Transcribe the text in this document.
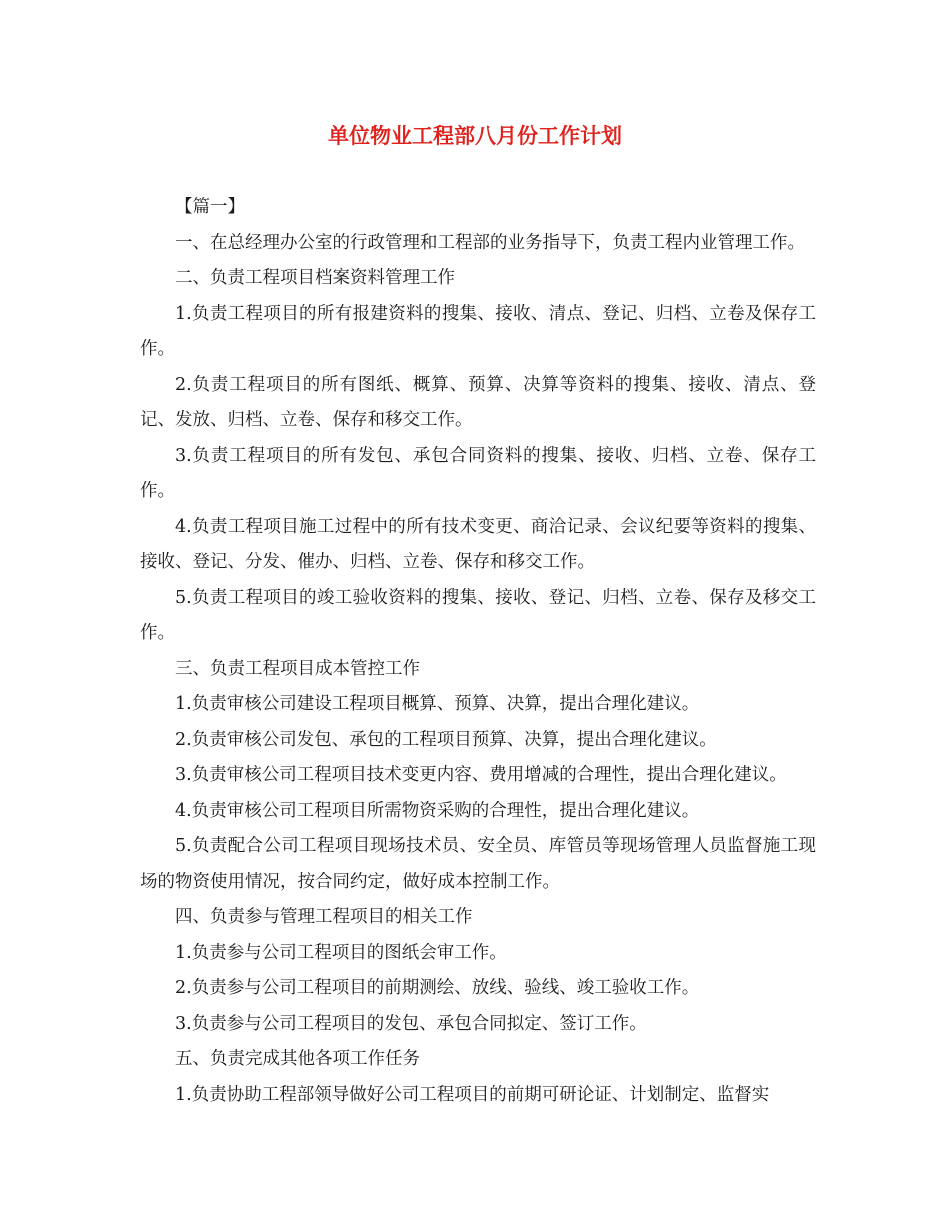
单位物业工程部八月份工作计划

【篇一】

一、在总经理办公室的行政管理和工程部的业务指导下，负责工程内业管理工作。

二、负责工程项目档案资料管理工作

1.负责工程项目的所有报建资料的搜集、接收、清点、登记、归档、立卷及保存工作。

2.负责工程项目的所有图纸、概算、预算、决算等资料的搜集、接收、清点、登记、发放、归档、立卷、保存和移交工作。

3.负责工程项目的所有发包、承包合同资料的搜集、接收、归档、立卷、保存工作。

4.负责工程项目施工过程中的所有技术变更、商洽记录、会议纪要等资料的搜集、接收、登记、分发、催办、归档、立卷、保存和移交工作。

5.负责工程项目的竣工验收资料的搜集、接收、登记、归档、立卷、保存及移交工作。

三、负责工程项目成本管控工作

1.负责审核公司建设工程项目概算、预算、决算，提出合理化建议。

2.负责审核公司发包、承包的工程项目预算、决算，提出合理化建议。

3.负责审核公司工程项目技术变更内容、费用增减的合理性，提出合理化建议。

4.负责审核公司工程项目所需物资采购的合理性，提出合理化建议。

5.负责配合公司工程项目现场技术员、安全员、库管员等现场管理人员监督施工现场的物资使用情况，按合同约定，做好成本控制工作。

四、负责参与管理工程项目的相关工作

1.负责参与公司工程项目的图纸会审工作。

2.负责参与公司工程项目的前期测绘、放线、验线、竣工验收工作。

3.负责参与公司工程项目的发包、承包合同拟定、签订工作。

五、负责完成其他各项工作任务

1.负责协助工程部领导做好公司工程项目的前期可研论证、计划制定、监督实
